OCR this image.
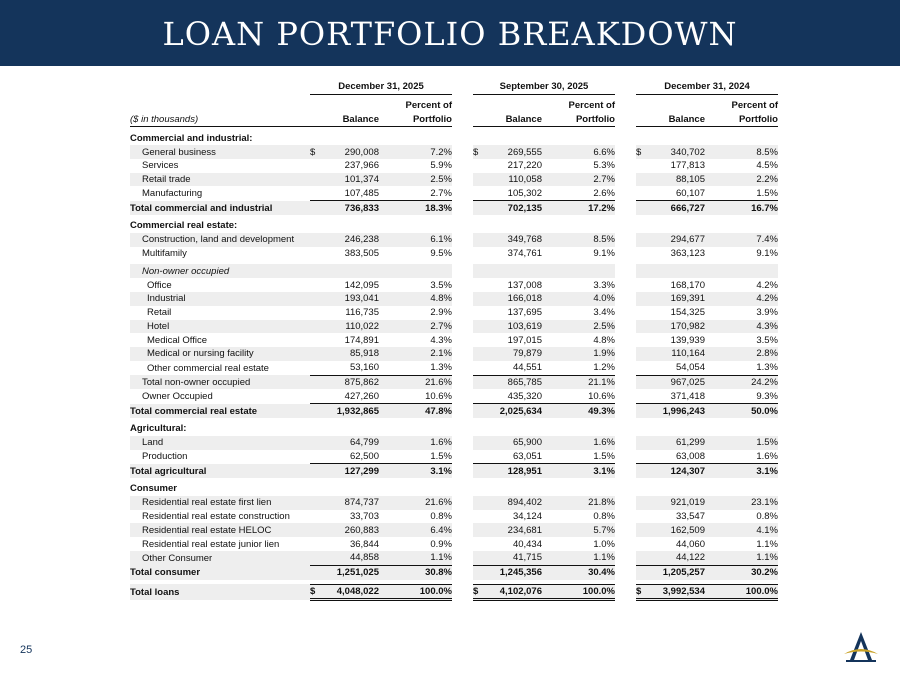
LOAN PORTFOLIO BREAKDOWN
	December 31, 2025					September 30, 2025					December 31, 2024			

				Percent of					Percent of					Percent of
($ in thousands)		Balance		Portfolio			Balance		Portfolio			Balance		Portfolio

Commercial and industrial:														
General business	$	290,008		7.2%		$	269,555		6.6%		$	340,702		8.5%
Services		237,966		5.9%			217,220		5.3%			177,813		4.5%
Retail trade		101,374		2.5%			110,058		2.7%			88,105		2.2%
Manufacturing		107,485		2.7%			105,302		2.6%			60,107		1.5%
Total commercial and industrial		736,833		18.3%			702,135		17.2%			666,727		16.7%

Commercial real estate:														
Construction, land and development		246,238		6.1%			349,768		8.5%			294,677		7.4%
Multifamily		383,505		9.5%			374,761		9.1%			363,123		9.1%

Non-owner occupied														
Office		142,095		3.5%			137,008		3.3%			168,170		4.2%
Industrial		193,041		4.8%			166,018		4.0%			169,391		4.2%
Retail		116,735		2.9%			137,695		3.4%			154,325		3.9%
Hotel		110,022		2.7%			103,619		2.5%			170,982		4.3%
Medical Office		174,891		4.3%			197,015		4.8%			139,939		3.5%
Medical or nursing facility		85,918		2.1%			79,879		1.9%			110,164		2.8%
Other commercial real estate		53,160		1.3%			44,551		1.2%			54,054		1.3%
Total non-owner occupied		875,862		21.6%			865,785		21.1%			967,025		24.2%
Owner Occupied		427,260		10.6%			435,320		10.6%			371,418		9.3%
Total commercial real estate		1,932,865		47.8%			2,025,634		49.3%			1,996,243		50.0%

Agricultural:														
Land		64,799		1.6%			65,900		1.6%			61,299		1.5%
Production		62,500		1.5%			63,051		1.5%			63,008		1.6%
Total agricultural		127,299		3.1%			128,951		3.1%			124,307		3.1%

Consumer														
Residential real estate first lien		874,737		21.6%			894,402		21.8%			921,019		23.1%
Residential real estate construction		33,703		0.8%			34,124		0.8%			33,547		0.8%
Residential real estate HELOC		260,883		6.4%			234,681		5.7%			162,509		4.1%
Residential real estate junior lien		36,844		0.9%			40,434		1.0%			44,060		1.1%
Other Consumer		44,858		1.1%			41,715		1.1%			44,122		1.1%
Total consumer		1,251,025		30.8%			1,245,356		30.4%			1,205,257		30.2%

Total loans	$	4,048,022		100.0%		$	4,102,076		100.0%		$	3,992,534		100.0%
25
